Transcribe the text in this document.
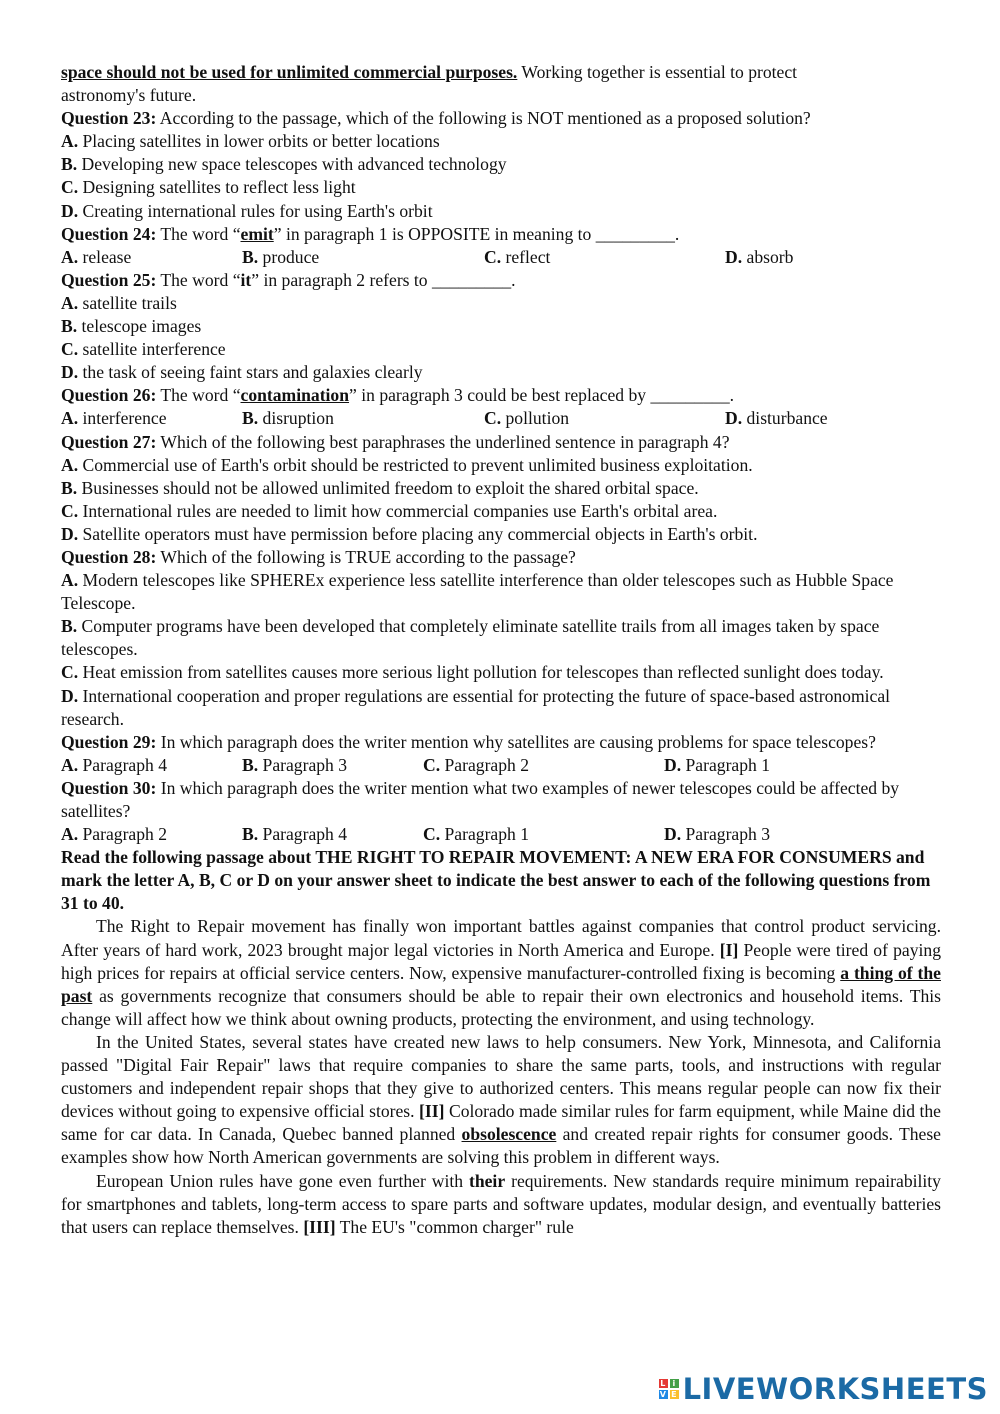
space should not be used for unlimited commercial purposes. Working together is essential to protect
astronomy's future.
Question 23: According to the passage, which of the following is NOT mentioned as a proposed solution?
A. Placing satellites in lower orbits or better locations
B. Developing new space telescopes with advanced technology
C. Designing satellites to reflect less light
D. Creating international rules for using Earth's orbit
Question 24: The word “emit” in paragraph 1 is OPPOSITE in meaning to _________.
A. release	B. produce	C. reflect	D. absorb
Question 25: The word “it” in paragraph 2 refers to _________.
A. satellite trails
B. telescope images
C. satellite interference
D. the task of seeing faint stars and galaxies clearly
Question 26: The word “contamination” in paragraph 3 could be best replaced by _________.
A. interference	B. disruption	C. pollution	D. disturbance
Question 27: Which of the following best paraphrases the underlined sentence in paragraph 4?
A. Commercial use of Earth's orbit should be restricted to prevent unlimited business exploitation.
B. Businesses should not be allowed unlimited freedom to exploit the shared orbital space.
C. International rules are needed to limit how commercial companies use Earth's orbital area.
D. Satellite operators must have permission before placing any commercial objects in Earth's orbit.
Question 28: Which of the following is TRUE according to the passage?
A. Modern telescopes like SPHEREx experience less satellite interference than older telescopes such as Hubble Space Telescope.
B. Computer programs have been developed that completely eliminate satellite trails from all images taken by space telescopes.
C. Heat emission from satellites causes more serious light pollution for telescopes than reflected sunlight does today.
D. International cooperation and proper regulations are essential for protecting the future of space-based astronomical research.
Question 29: In which paragraph does the writer mention why satellites are causing problems for space telescopes?
A. Paragraph 4	B. Paragraph 3	C. Paragraph 2	D. Paragraph 1
Question 30: In which paragraph does the writer mention what two examples of newer telescopes could be affected by satellites?
A. Paragraph 2	B. Paragraph 4	C. Paragraph 1	D. Paragraph 3
Read the following passage about THE RIGHT TO REPAIR MOVEMENT: A NEW ERA FOR CONSUMERS and mark the letter A, B, C or D on your answer sheet to indicate the best answer to each of the following questions from 31 to 40.
The Right to Repair movement has finally won important battles against companies that control product servicing. After years of hard work, 2023 brought major legal victories in North America and Europe. [I] People were tired of paying high prices for repairs at official service centers. Now, expensive manufacturer-controlled fixing is becoming a thing of the past as governments recognize that consumers should be able to repair their own electronics and household items. This change will affect how we think about owning products, protecting the environment, and using technology.
In the United States, several states have created new laws to help consumers. New York, Minnesota, and California passed "Digital Fair Repair" laws that require companies to share the same parts, tools, and instructions with regular customers and independent repair shops that they give to authorized centers. This means regular people can now fix their devices without going to expensive official stores. [II] Colorado made similar rules for farm equipment, while Maine did the same for car data. In Canada, Quebec banned planned obsolescence and created repair rights for consumer goods. These examples show how North American governments are solving this problem in different ways.
European Union rules have gone even further with their requirements. New standards require minimum repairability for smartphones and tablets, long-term access to spare parts and software updates, modular design, and eventually batteries that users can replace themselves. [III] The EU's "common charger" rule
L i
V E LIVEWORKSHEETS
